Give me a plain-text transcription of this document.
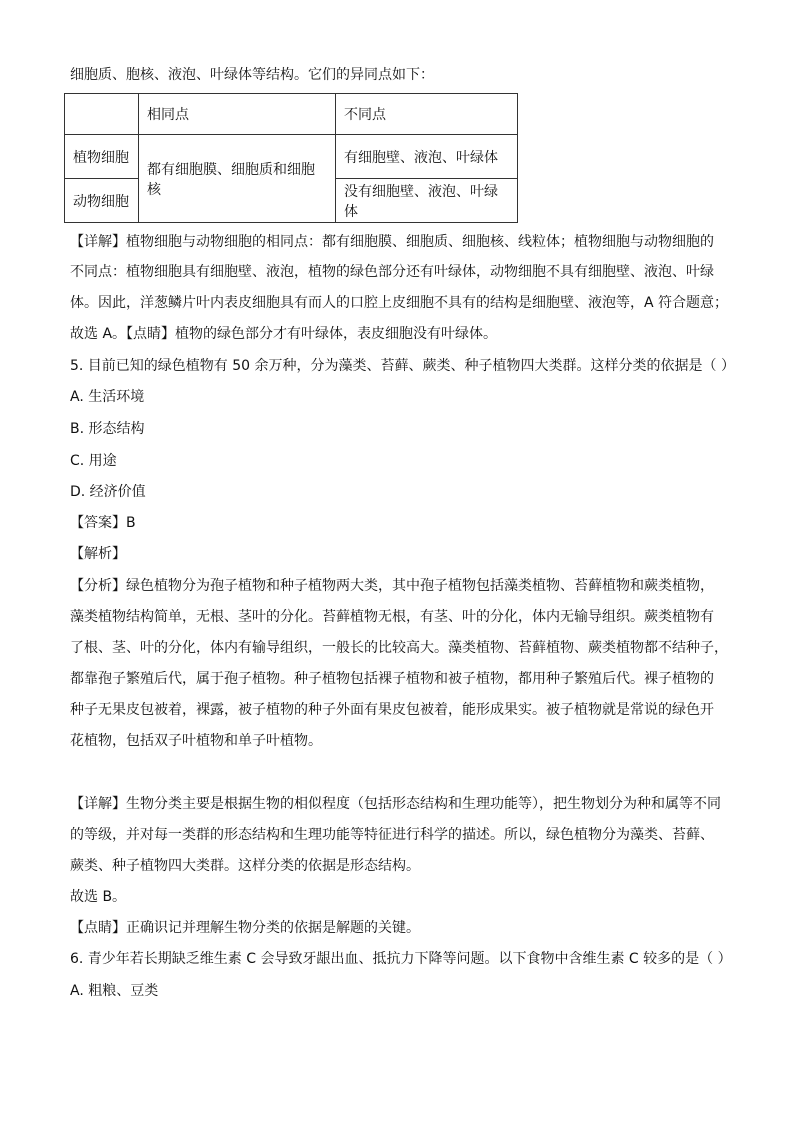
细胞质、胞核、液泡、叶绿体等结构。它们的异同点如下：
	相同点	不同点
植物细胞	都有细胞膜、细胞质和细胞核	有细胞壁、液泡、叶绿体
动物细胞		没有细胞壁、液泡、叶绿体
【详解】植物细胞与动物细胞的相同点：都有细胞膜、细胞质、细胞核、线粒体；植物细胞与动物细胞的
不同点：植物细胞具有细胞壁、液泡，植物的绿色部分还有叶绿体，动物细胞不具有细胞壁、液泡、叶绿
体。因此，洋葱鳞片叶内表皮细胞具有而人的口腔上皮细胞不具有的结构是细胞壁、液泡等，A 符合题意；
故选 A。【点睛】植物的绿色部分才有叶绿体，表皮细胞没有叶绿体。
5. 目前已知的绿色植物有 50 余万种，分为藻类、苔藓、蕨类、种子植物四大类群。这样分类的依据是（ ）
A. 生活环境
B. 形态结构
C. 用途
D. 经济价值
【答案】B
【解析】
【分析】绿色植物分为孢子植物和种子植物两大类，其中孢子植物包括藻类植物、苔藓植物和蕨类植物，
藻类植物结构简单，无根、茎叶的分化。苔藓植物无根，有茎、叶的分化，体内无输导组织。蕨类植物有
了根、茎、叶的分化，体内有输导组织，一般长的比较高大。藻类植物、苔藓植物、蕨类植物都不结种子，
都靠孢子繁殖后代，属于孢子植物。种子植物包括裸子植物和被子植物，都用种子繁殖后代。裸子植物的
种子无果皮包被着，裸露，被子植物的种子外面有果皮包被着，能形成果实。被子植物就是常说的绿色开
花植物，包括双子叶植物和单子叶植物。
【详解】生物分类主要是根据生物的相似程度（包括形态结构和生理功能等），把生物划分为种和属等不同
的等级，并对每一类群的形态结构和生理功能等特征进行科学的描述。所以，绿色植物分为藻类、苔藓、
蕨类、种子植物四大类群。这样分类的依据是形态结构。
故选 B。
【点睛】正确识记并理解生物分类的依据是解题的关键。
6. 青少年若长期缺乏维生素 C 会导致牙龈出血、抵抗力下降等问题。以下食物中含维生素 C 较多的是（ ）
A. 粗粮、豆类
